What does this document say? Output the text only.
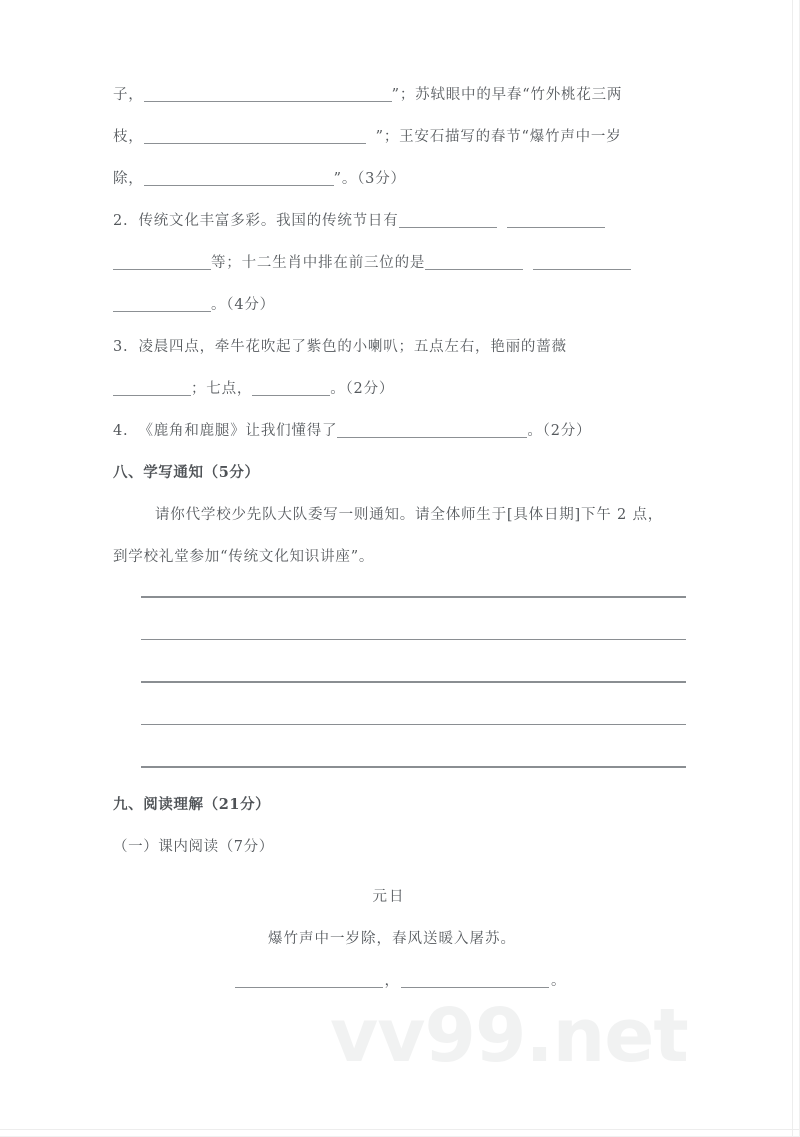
子，	”；苏轼眼中的早春“竹外桃花三两
枝，	”；王安石描写的春节“爆竹声中一岁
除，	”。（3分）
2. 传统文化丰富多彩。我国的传统节日有
等；十二生肖中排在前三位的是
。（4分）
3. 凌晨四点，牵牛花吹起了紫色的小喇叭；五点左右，艳丽的蔷薇
；七点，	。（2分）
4. 《鹿角和鹿腿》让我们懂得了	。（2分）
八、学写通知（5分）
请你代学校少先队大队委写一则通知。请全体师生于[具体日期]下午 2 点，
到学校礼堂参加“传统文化知识讲座”。
九、阅读理解（21分）
（一）课内阅读（7分）
元日
爆竹声中一岁除，春风送暖入屠苏。
，	。
vv99.net
